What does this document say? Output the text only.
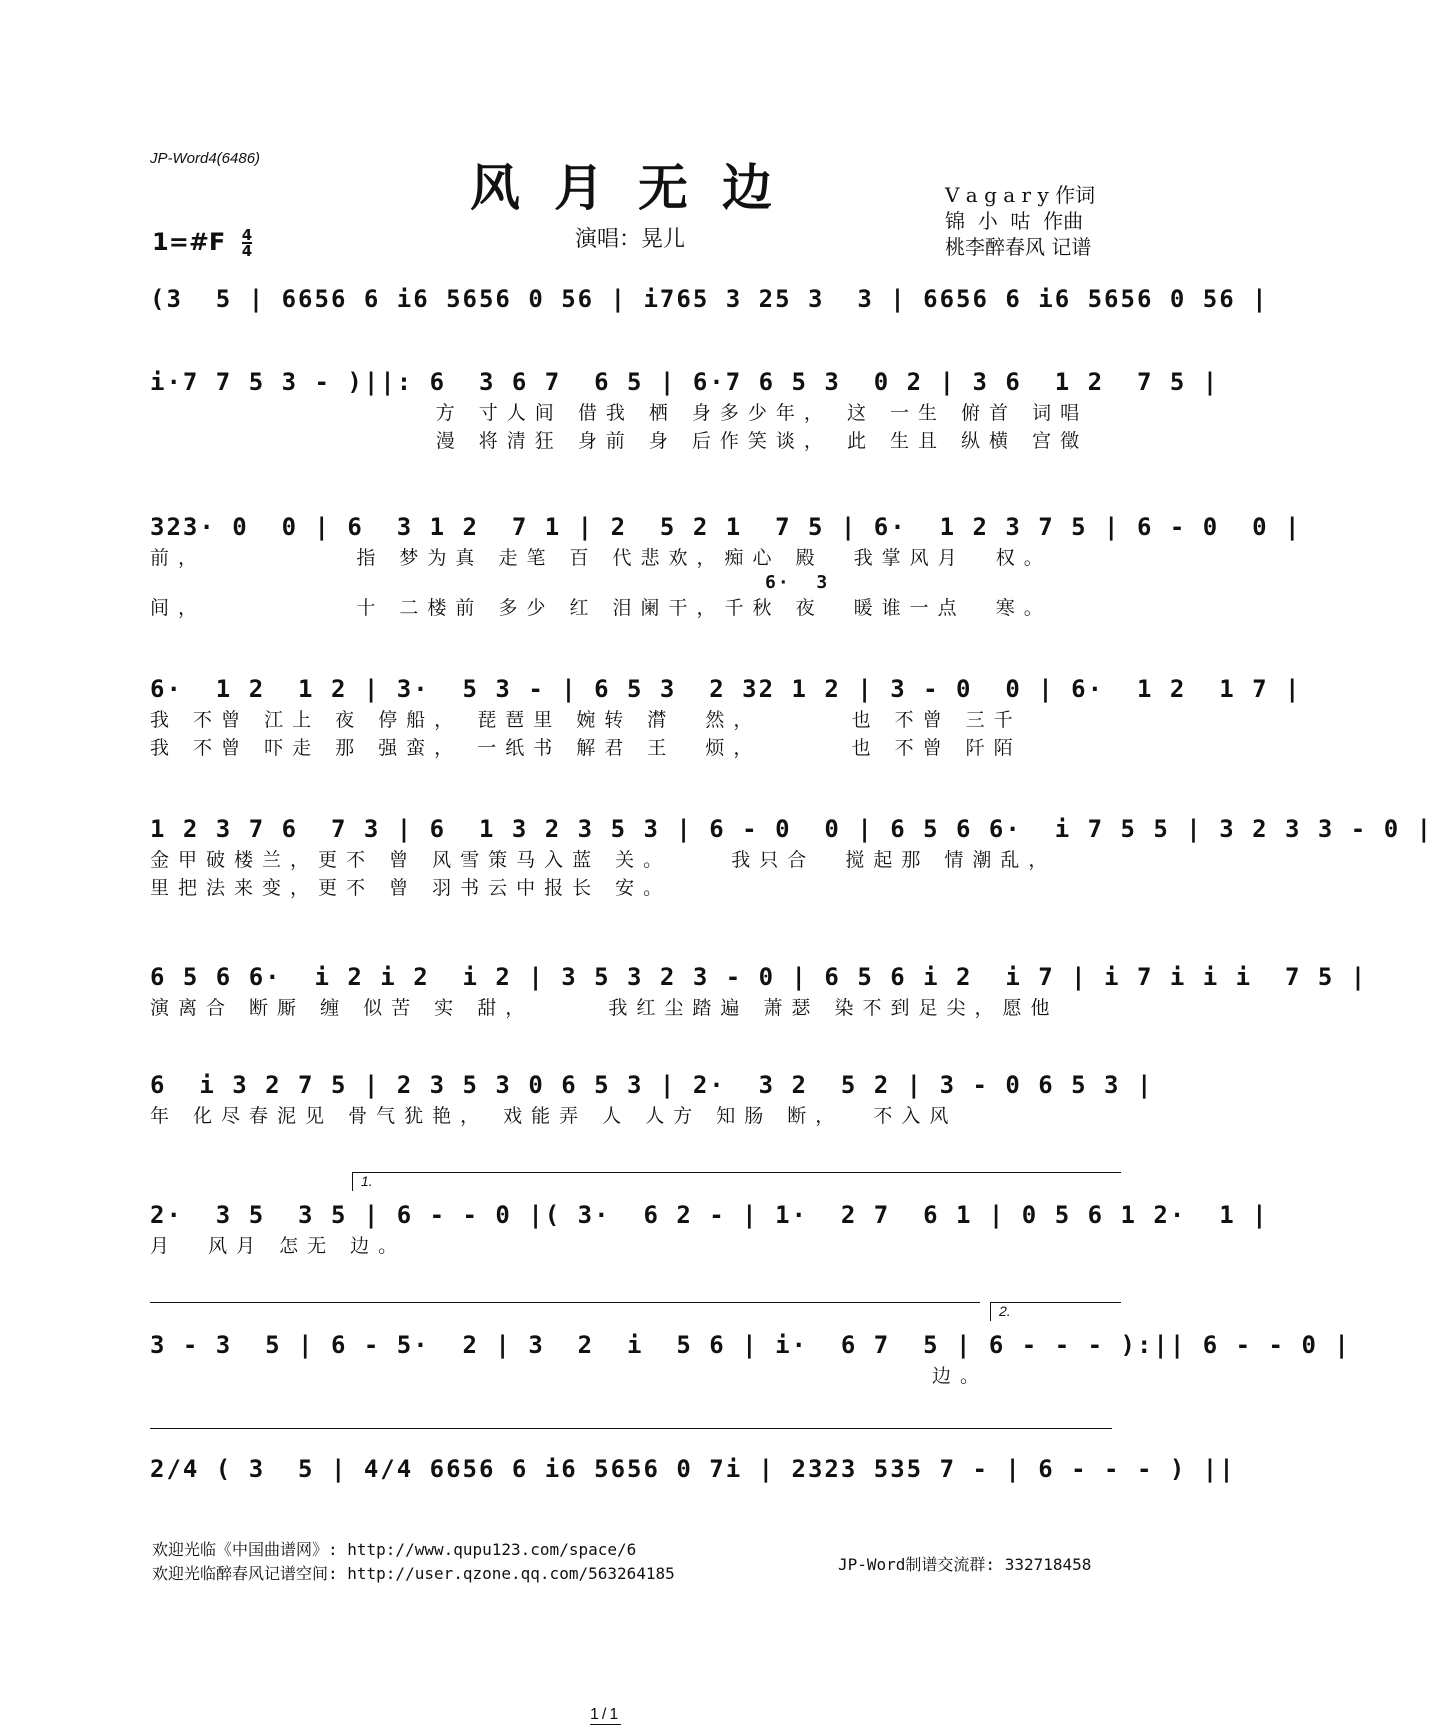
JP-Word4(6486)	风月无边
1=#F $\frac{4}{4}$	演唱：晃儿
V a g a r y 作词
锦  小  咕  作曲
桃李醉春风 记谱
(3  5 | 6656 6 i6 5656 0 56 | i765 3 25 3  3 | 6656 6 i6 5656 0 56 |
i·7 7 5 3 - )||: 6  3 6 7  6 5 | 6·7 6 5 3  0 2 | 3 6  1 2  7 5 |
方 寸人间 借我 栖 身多少年， 这 一生 俯首 词唱
漫 将清狂 身前 身 后作笑谈， 此 生且 纵横 宫徵
323· 0  0 | 6  3 1 2  7 1 | 2  5 2 1  7 5 | 6·  1 2 3 7 5 | 6 - 0  0 |
前，          指 梦为真 走笔 百 代悲欢，痴心 殿  我掌风月  权。
6·  3
间，          十 二楼前 多少 红 泪阑干，千秋 夜  暖谁一点  寒。
6·  1 2  1 2 | 3·  5 3 - | 6 5 3  2 32 1 2 | 3 - 0  0 | 6·  1 2  1 7 |
我 不曾 江上 夜 停船， 琵琶里 婉转 潸  然，      也 不曾 三千
我 不曾 吓走 那 强蛮， 一纸书 解君 王  烦，      也 不曾 阡陌
1 2 3 7 6  7 3 | 6  1 3 2 3 5 3 | 6 - 0  0 | 6 5 6 6·  i 7 5 5 | 3 2 3 3 - 0 |
金甲破楼兰，更不 曾 风雪策马入蓝 关。    我只合  搅起那 情潮乱，
里把法来变，更不 曾 羽书云中报长 安。
6 5 6 6·  i 2 i 2  i 2 | 3 5 3 2 3 - 0 | 6 5 6 i 2  i 7 | i 7 i i i  7 5 |
演离合 断厮 缠 似苦 实 甜，     我红尘踏遍 萧瑟 染不到足尖，愿他
6  i 3 2 7 5 | 2 3 5 3 0 6 5 3 | 2·  3 2  5 2 | 3 - 0 6 5 3 |
年 化尽春泥见 骨气犹艳， 戏能弄 人 人方 知肠 断，  不入风
1.
2·  3 5  3 5 | 6 - - 0 |( 3·  6 2 - | 1·  2 7  6 1 | 0 5 6 1 2·  1 |
月  风月 怎无 边。
2.
3 - 3  5 | 6 - 5·  2 | 3  2  i  5 6 | i·  6 7  5 | 6 - - - ):|| 6 - - 0 |
边。
2/4 ( 3  5 | 4/4 6656 6 i6 5656 0 7i | 2323 535 7 - | 6 - - - ) ||
欢迎光临《中国曲谱网》: http://www.qupu123.com/space/6
欢迎光临醉春风记谱空间: http://user.qzone.qq.com/563264185	JP-Word制谱交流群: 332718458
1/1
